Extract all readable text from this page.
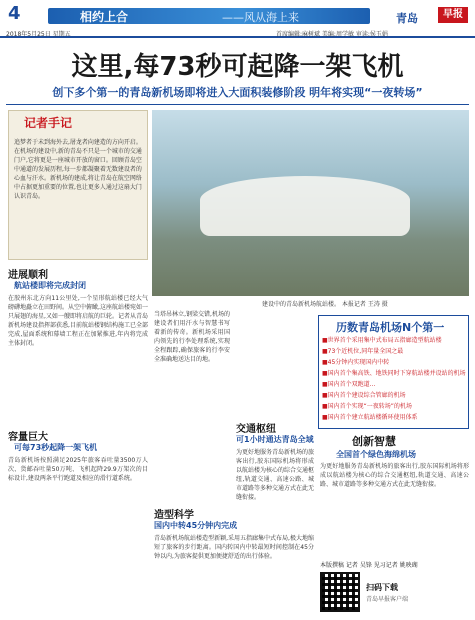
4	相约上合	——风从海上来	青岛	早报
2018年5月25日 星期五	首席编辑:麻树斌 美编:周学敏 审读:侯玉娟
这里,每73秒可起降一架飞机
创下多个第一的青岛新机场即将进入大面积装修阶段 明年将实现“一夜转场”
记者手记
追梦者于未到海外去,屠龙者向建造的方向开启。在机场的建设中,新的青岛不只是一个城市的交通门户,它将更是一座城市开放的窗口。回顾青岛空中通道的发展历程,每一步都凝聚着无数建设者的心血与汗水。新机场的建成,将让青岛在航空网络中占据更加重要的位置,也让更多人通过这扇大门认识青岛。
建设中的青岛新机场航站楼。 本报记者 王涛 摄
进展顺利
航站楼即将完成封闭
在胶州东北方向11公里处,一个星形航站楼已经大气磅礴地矗立在田野间。从空中俯瞰,这座航站楼宛如一只展翅的海星,又如一艘即将启航的巨轮。记者从青岛新机场建设指挥部获悉,目前航站楼钢结构施工已全部完成,屋面系统和幕墙工程正在加紧推进,年内将完成主体封闭。
容量巨大
可每73秒起降一架飞机
青岛新机场按照满足2025年旅客吞吐量3500万人次、货邮吞吐量50万吨、飞机起降29.9万架次的目标设计,建设两条平行跑道及相应的滑行道系统。
当塔吊林立,钢梁交错,机场的建设者们用汗水与智慧书写着新的传奇。新机场采用国内领先的行李处理系统,实现全程跟踪,确保旅客的行李安全准确地送达目的地。
造型科学
国内中转45分钟内完成
青岛新机场航站楼造型新颖,采用五指廊集中式布局,极大地缩短了旅客的步行距离。国内转国内中转最短时间控制在45分钟以内,为旅客提供更加便捷舒适的出行体验。
交通枢纽
可1小时通达青岛全域
为更好地服务青岛新机场的旅客出行,胶东国际机场将形成以航站楼为核心的综合交通枢纽,轨道交通、高速公路、城市道路等多种交通方式在此无缝衔接。
历数青岛机场N个第一
■世界首个采用集中式布局五指廊造型航站楼
■73个近机位,同年量全国之最
■45分钟内实现国内中转
■国内首个集高铁、地铁同时下穿航站楼并设站的机场
■国内首个双跑道...
■国内首个建设综合管廊的机场
■国内首个实现“一夜转场”的机场
■国内首个建立航站楼循环使用体系
创新智慧
全国首个绿色海绵机场
为更好地服务青岛新机场的旅客出行,胶东国际机场将形成以航站楼为核心的综合交通枢纽,轨道交通、高速公路、城市道路等多种交通方式在此无缝衔接。
本版撰稿 记者 吴锋 见习记者 姚映瑚
扫码下载
青岛早报客户端
